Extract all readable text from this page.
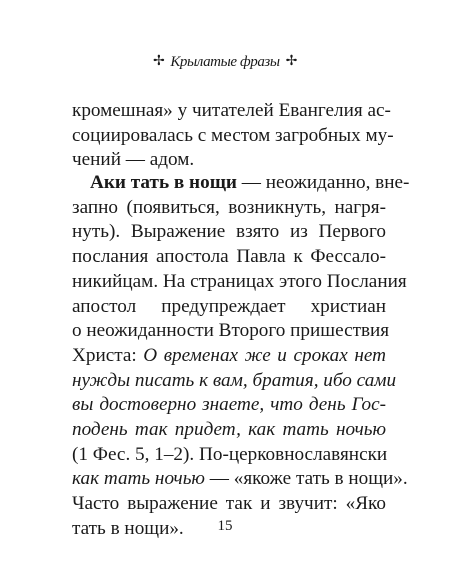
✢ Крылатые фразы ✢
кромешная» у читателей Евангелия ас-
социировалась с местом загробных му-
чений — адом.
Аки тать в нощи — неожиданно, вне-
запно (появиться, возникнуть, нагря-
нуть). Выражение взято из Первого
послания апостола Павла к Фессало-
никийцам. На страницах этого Послания
апостол предупреждает христиан
о неожиданности Второго пришествия
Христа: О временах же и сроках нет
нужды писать к вам, братия, ибо сами
вы достоверно знаете, что день Гос-
подень так придет, как тать ночью
(1 Фес. 5, 1–2). По-церковнославянски
как тать ночью — «якоже тать в нощи».
Часто выражение так и звучит: «Яко
тать в нощи».	15
